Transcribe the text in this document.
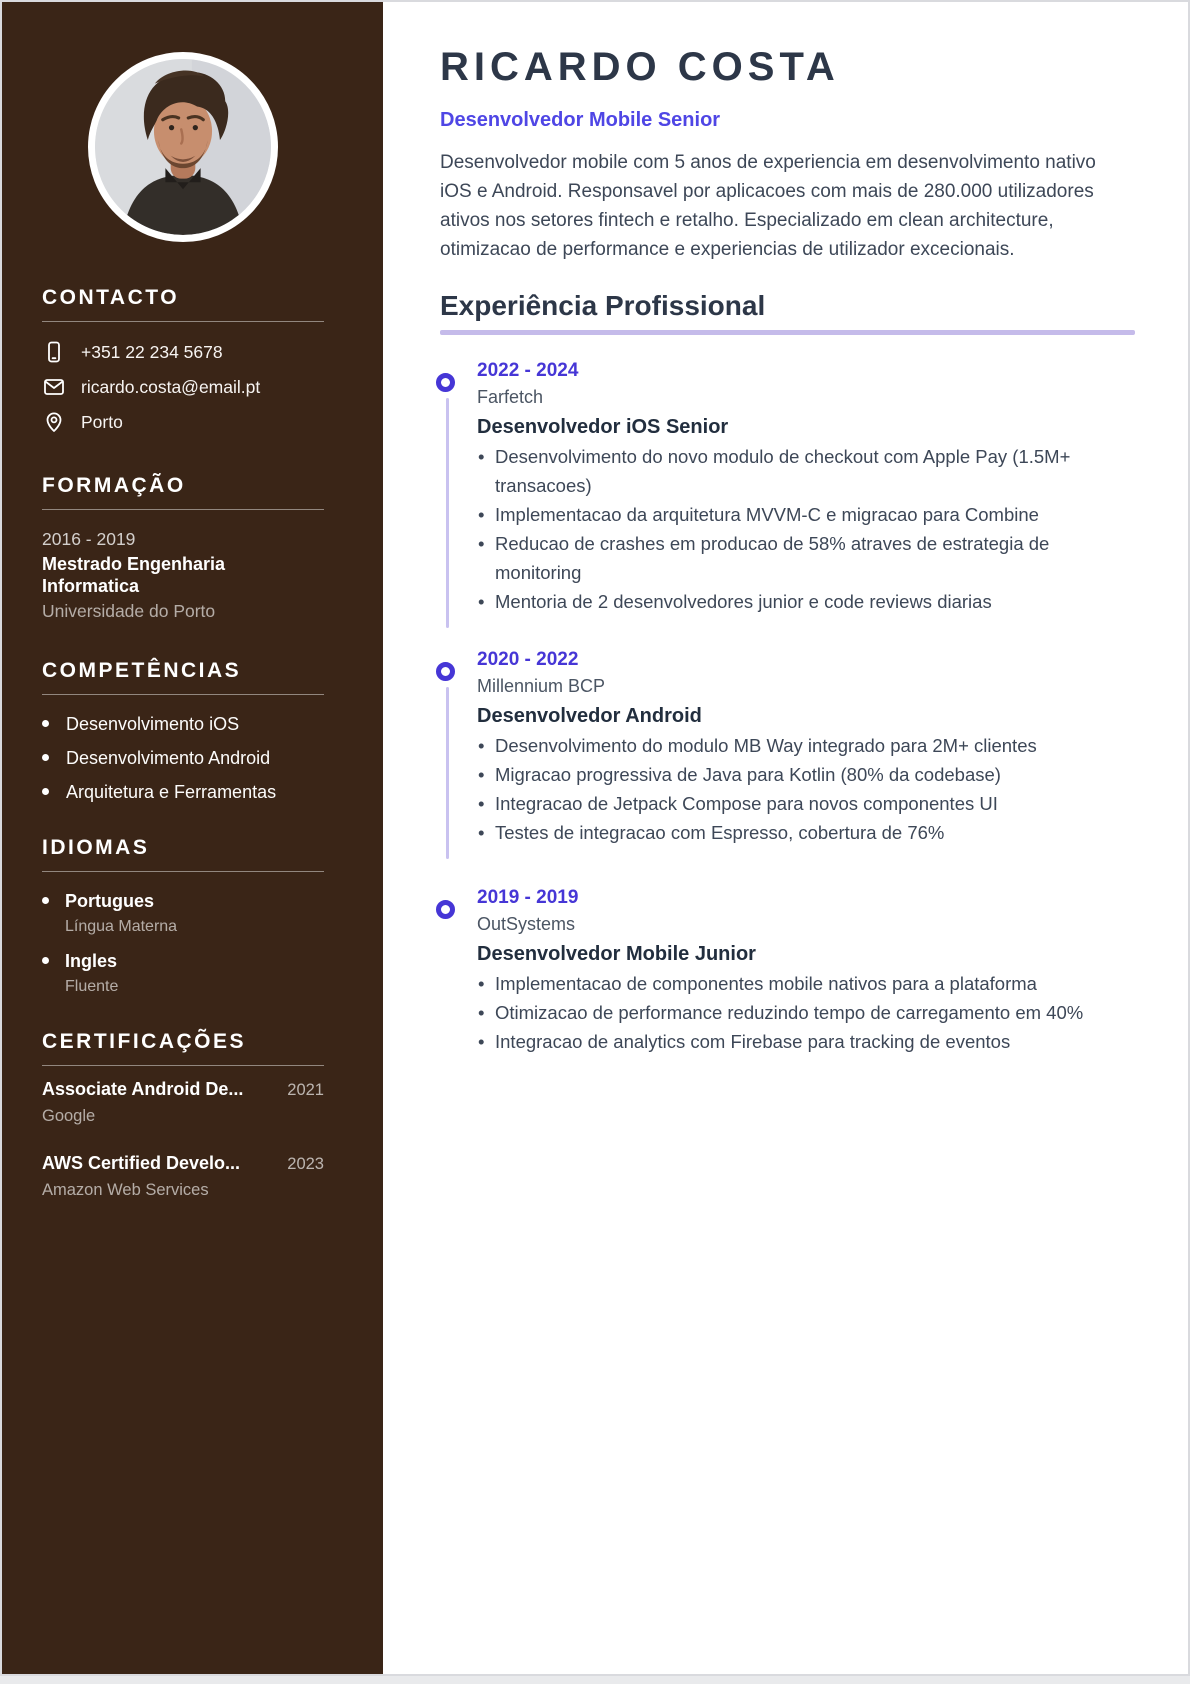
CONTACTO
+351 22 234 5678
ricardo.costa@email.pt
Porto
FORMAÇÃO
2016 - 2019
Mestrado Engenharia Informatica
Universidade do Porto
COMPETÊNCIAS
Desenvolvimento iOS
Desenvolvimento Android
Arquitetura e Ferramentas
IDIOMAS
Portugues
Língua Materna
Ingles
Fluente
CERTIFICAÇÕES
Associate Android De...	2021
Google
AWS Certified Develo...	2023
Amazon Web Services
RICARDO COSTA
Desenvolvedor Mobile Senior

Desenvolvedor mobile com 5 anos de experiencia em desenvolvimento nativo iOS e Android. Responsavel por aplicacoes com mais de 280.000 utilizadores ativos nos setores fintech e retalho. Especializado em clean architecture, otimizacao de performance e experiencias de utilizador excecionais.

Experiência Profissional
2022 - 2024
Farfetch
Desenvolvedor iOS Senior
• Desenvolvimento do novo modulo de checkout com Apple Pay (1.5M+ transacoes)
• Implementacao da arquitetura MVVM-C e migracao para Combine
• Reducao de crashes em producao de 58% atraves de estrategia de monitoring
• Mentoria de 2 desenvolvedores junior e code reviews diarias
2020 - 2022
Millennium BCP
Desenvolvedor Android
• Desenvolvimento do modulo MB Way integrado para 2M+ clientes
• Migracao progressiva de Java para Kotlin (80% da codebase)
• Integracao de Jetpack Compose para novos componentes UI
• Testes de integracao com Espresso, cobertura de 76%
2019 - 2019
OutSystems
Desenvolvedor Mobile Junior
• Implementacao de componentes mobile nativos para a plataforma
• Otimizacao de performance reduzindo tempo de carregamento em 40%
• Integracao de analytics com Firebase para tracking de eventos
